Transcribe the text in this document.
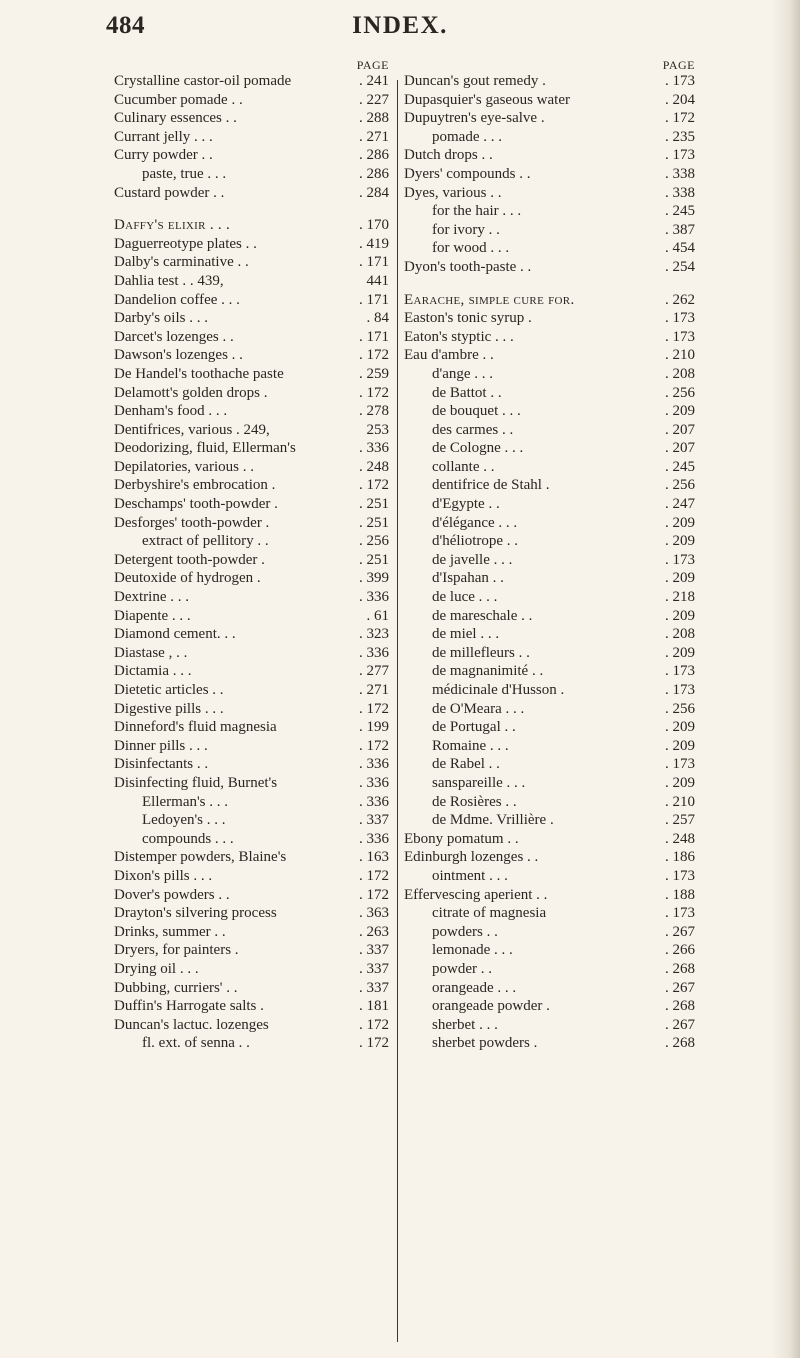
484	INDEX.
PAGE
Crystalline castor-oil pomade	. 241
Cucumber pomade . .	. 227
Culinary essences . .	. 288
Currant jelly . . .	. 271
Curry powder . .	. 286
paste, true . . .	. 286
Custard powder . .	. 284
Daffy's elixir . . .	. 170
Daguerreotype plates . .	. 419
Dalby's carminative . .	. 171
Dahlia test . . 439,	441
Dandelion coffee . . .	. 171
Darby's oils . . .	. 84
Darcet's lozenges . .	. 171
Dawson's lozenges . .	. 172
De Handel's toothache paste	. 259
Delamott's golden drops .	. 172
Denham's food . . .	. 278
Dentifrices, various . 249,	253
Deodorizing, fluid, Ellerman's	. 336
Depilatories, various . .	. 248
Derbyshire's embrocation .	. 172
Deschamps' tooth-powder .	. 251
Desforges' tooth-powder .	. 251
extract of pellitory . .	. 256
Detergent tooth-powder .	. 251
Deutoxide of hydrogen .	. 399
Dextrine . . .	. 336
Diapente . . .	. 61
Diamond cement. . .	. 323
Diastase , . .	. 336
Dictamia . . .	. 277
Dietetic articles . .	. 271
Digestive pills . . .	. 172
Dinneford's fluid magnesia	. 199
Dinner pills . . .	. 172
Disinfectants . .	. 336
Disinfecting fluid, Burnet's	. 336
Ellerman's . . .	. 336
Ledoyen's . . .	. 337
compounds . . .	. 336
Distemper powders, Blaine's	. 163
Dixon's pills . . .	. 172
Dover's powders . .	. 172
Drayton's silvering process	. 363
Drinks, summer . .	. 263
Dryers, for painters .	. 337
Drying oil . . .	. 337
Dubbing, curriers' . .	. 337
Duffin's Harrogate salts .	. 181
Duncan's lactuc. lozenges	. 172
fl. ext. of senna . .	. 172
PAGE
Duncan's gout remedy .	. 173
Dupasquier's gaseous water	. 204
Dupuytren's eye-salve .	. 172
pomade . . .	. 235
Dutch drops . .	. 173
Dyers' compounds . .	. 338
Dyes, various . .	. 338
for the hair . . .	. 245
for ivory . .	. 387
for wood . . .	. 454
Dyon's tooth-paste . .	. 254
Earache, simple cure for.	. 262
Easton's tonic syrup .	. 173
Eaton's styptic . . .	. 173
Eau d'ambre . .	. 210
d'ange . . .	. 208
de Battot . .	. 256
de bouquet . . .	. 209
des carmes . .	. 207
de Cologne . . .	. 207
collante . .	. 245
dentifrice de Stahl .	. 256
d'Egypte . .	. 247
d'élégance . . .	. 209
d'héliotrope . .	. 209
de javelle . . .	. 173
d'Ispahan . .	. 209
de luce . . .	. 218
de mareschale . .	. 209
de miel . . .	. 208
de millefleurs . .	. 209
de magnanimité . .	. 173
médicinale d'Husson .	. 173
de O'Meara . . .	. 256
de Portugal . .	. 209
Romaine . . .	. 209
de Rabel . .	. 173
sanspareille . . .	. 209
de Rosières . .	. 210
de Mdme. Vrillière .	. 257
Ebony pomatum . .	. 248
Edinburgh lozenges . .	. 186
ointment . . .	. 173
Effervescing aperient . .	. 188
citrate of magnesia	. 173
powders . .	. 267
lemonade . . .	. 266
powder . .	. 268
orangeade . . .	. 267
orangeade powder .	. 268
sherbet . . .	. 267
sherbet powders .	. 268
